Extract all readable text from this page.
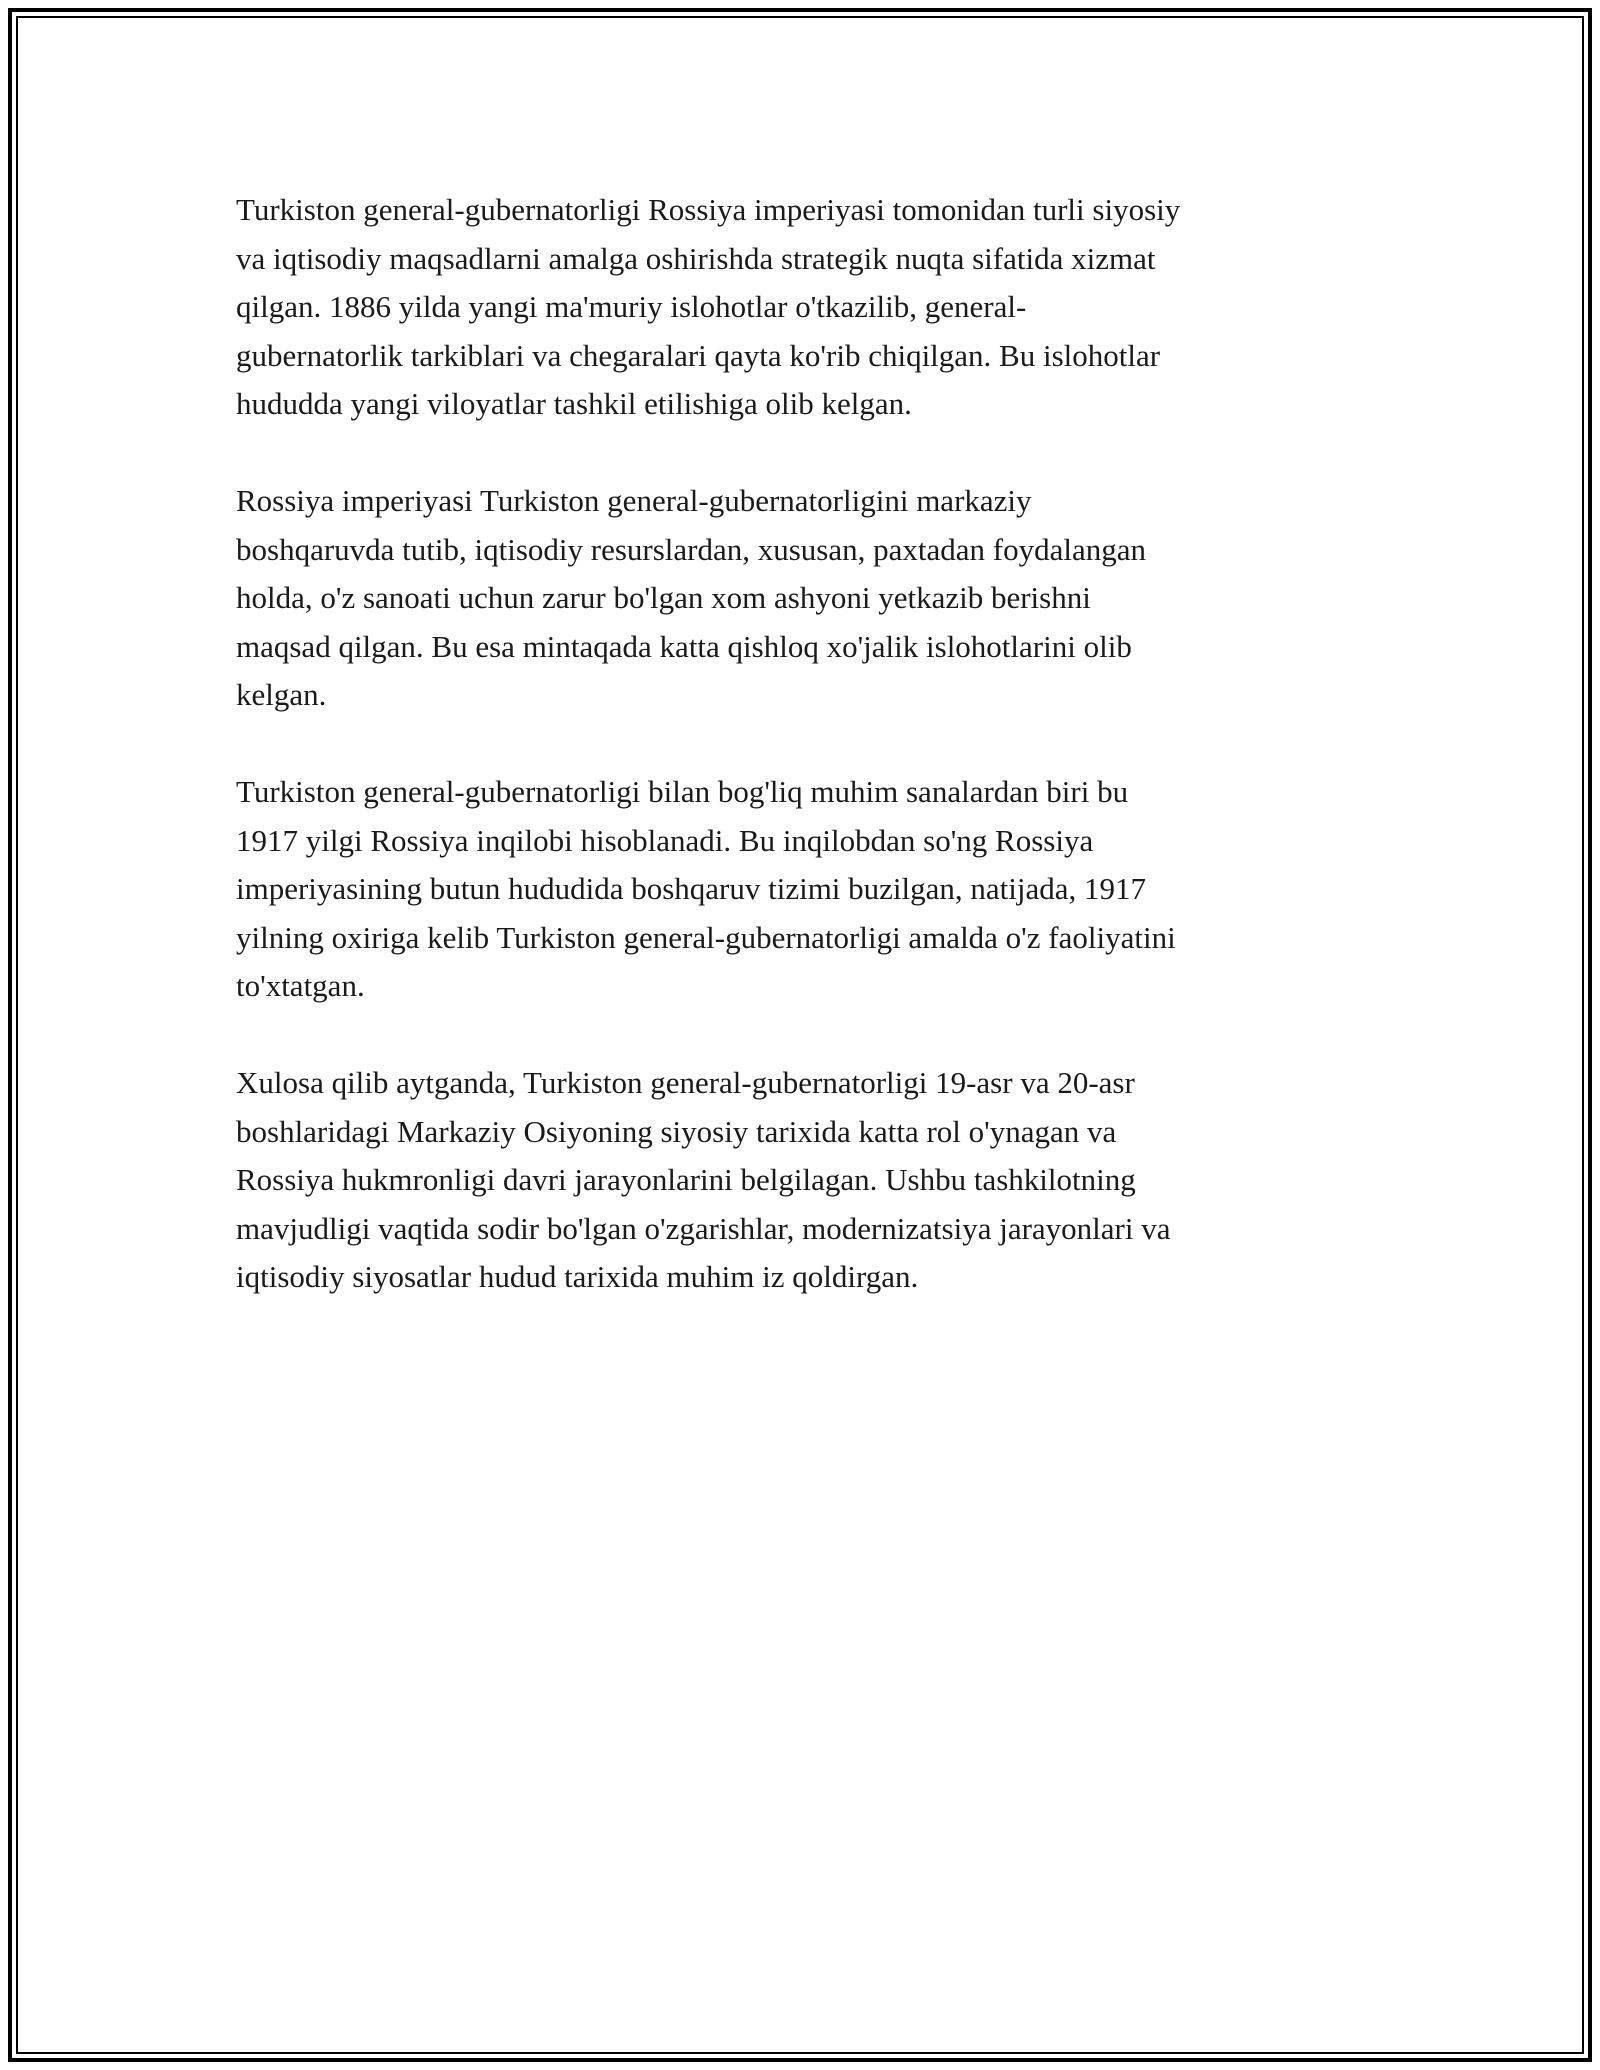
Turkiston general-gubernatorligi Rossiya imperiyasi tomonidan turli siyosiy
va iqtisodiy maqsadlarni amalga oshirishda strategik nuqta sifatida xizmat
qilgan. 1886 yilda yangi ma'muriy islohotlar o'tkazilib, general-
gubernatorlik tarkiblari va chegaralari qayta ko'rib chiqilgan. Bu islohotlar
hududda yangi viloyatlar tashkil etilishiga olib kelgan.

Rossiya imperiyasi Turkiston general-gubernatorligini markaziy
boshqaruvda tutib, iqtisodiy resurslardan, xususan, paxtadan foydalangan
holda, o'z sanoati uchun zarur bo'lgan xom ashyoni yetkazib berishni
maqsad qilgan. Bu esa mintaqada katta qishloq xo'jalik islohotlarini olib
kelgan.

Turkiston general-gubernatorligi bilan bog'liq muhim sanalardan biri bu
1917 yilgi Rossiya inqilobi hisoblanadi. Bu inqilobdan so'ng Rossiya
imperiyasining butun hududida boshqaruv tizimi buzilgan, natijada, 1917
yilning oxiriga kelib Turkiston general-gubernatorligi amalda o'z faoliyatini
to'xtatgan.

Xulosa qilib aytganda, Turkiston general-gubernatorligi 19-asr va 20-asr
boshlaridagi Markaziy Osiyoning siyosiy tarixida katta rol o'ynagan va
Rossiya hukmronligi davri jarayonlarini belgilagan. Ushbu tashkilotning
mavjudligi vaqtida sodir bo'lgan o'zgarishlar, modernizatsiya jarayonlari va
iqtisodiy siyosatlar hudud tarixida muhim iz qoldirgan.
